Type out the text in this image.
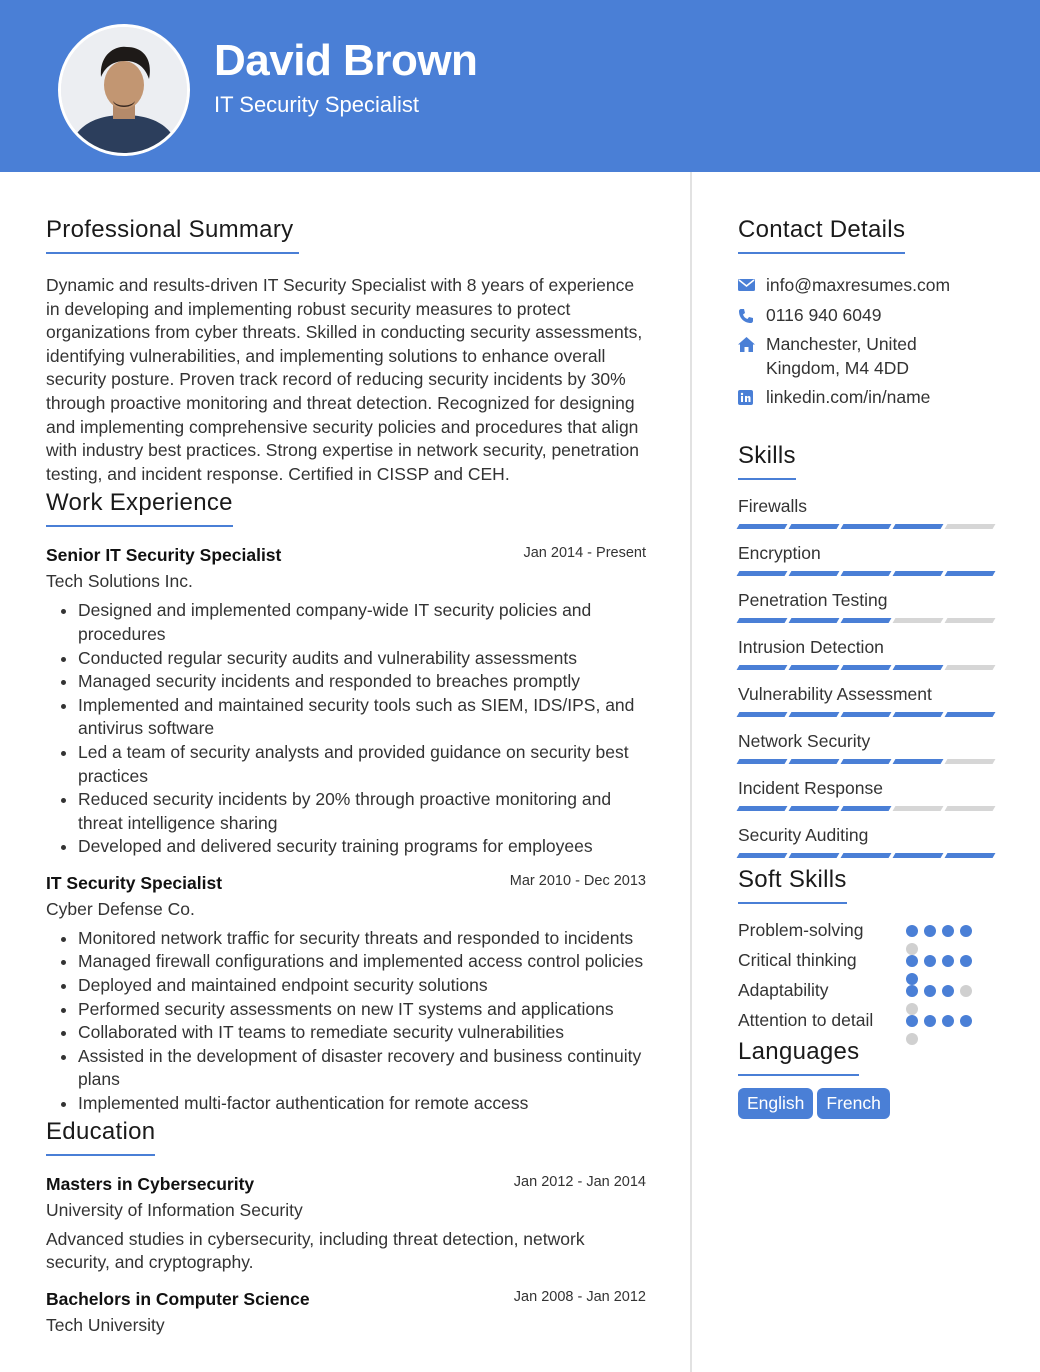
David Brown
IT Security Specialist
Professional Summary

Dynamic and results-driven IT Security Specialist with 8 years of experience in developing and implementing robust security measures to protect organizations from cyber threats. Skilled in conducting security assessments, identifying vulnerabilities, and implementing solutions to enhance overall security posture. Proven track record of reducing security incidents by 30% through proactive monitoring and threat detection. Recognized for designing and implementing comprehensive security policies and procedures that align with industry best practices. Strong expertise in network security, penetration testing, and incident response. Certified in CISSP and CEH.

Work Experience
Senior IT Security Specialist	Jan 2014 - Present
Tech Solutions Inc.
• Designed and implemented company-wide IT security policies and procedures
• Conducted regular security audits and vulnerability assessments
• Managed security incidents and responded to breaches promptly
• Implemented and maintained security tools such as SIEM, IDS/IPS, and antivirus software
• Led a team of security analysts and provided guidance on security best practices
• Reduced security incidents by 20% through proactive monitoring and threat intelligence sharing
• Developed and delivered security training programs for employees
IT Security Specialist	Mar 2010 - Dec 2013
Cyber Defense Co.
• Monitored network traffic for security threats and responded to incidents
• Managed firewall configurations and implemented access control policies
• Deployed and maintained endpoint security solutions
• Performed security assessments on new IT systems and applications
• Collaborated with IT teams to remediate security vulnerabilities
• Assisted in the development of disaster recovery and business continuity plans
• Implemented multi-factor authentication for remote access
Education
Masters in Cybersecurity	Jan 2012 - Jan 2014
University of Information Security

Advanced studies in cybersecurity, including threat detection, network security, and cryptography.

Bachelors in Computer Science	Jan 2008 - Jan 2012
Tech University
Contact Details
info@maxresumes.com
0116 940 6049
Manchester, United Kingdom, M4 4DD
linkedin.com/in/name
Skills
Firewalls
Encryption
Penetration Testing
Intrusion Detection
Vulnerability Assessment
Network Security
Incident Response
Security Auditing
Soft Skills
Problem-solving
Critical thinking
Adaptability
Attention to detail
Languages
English French
